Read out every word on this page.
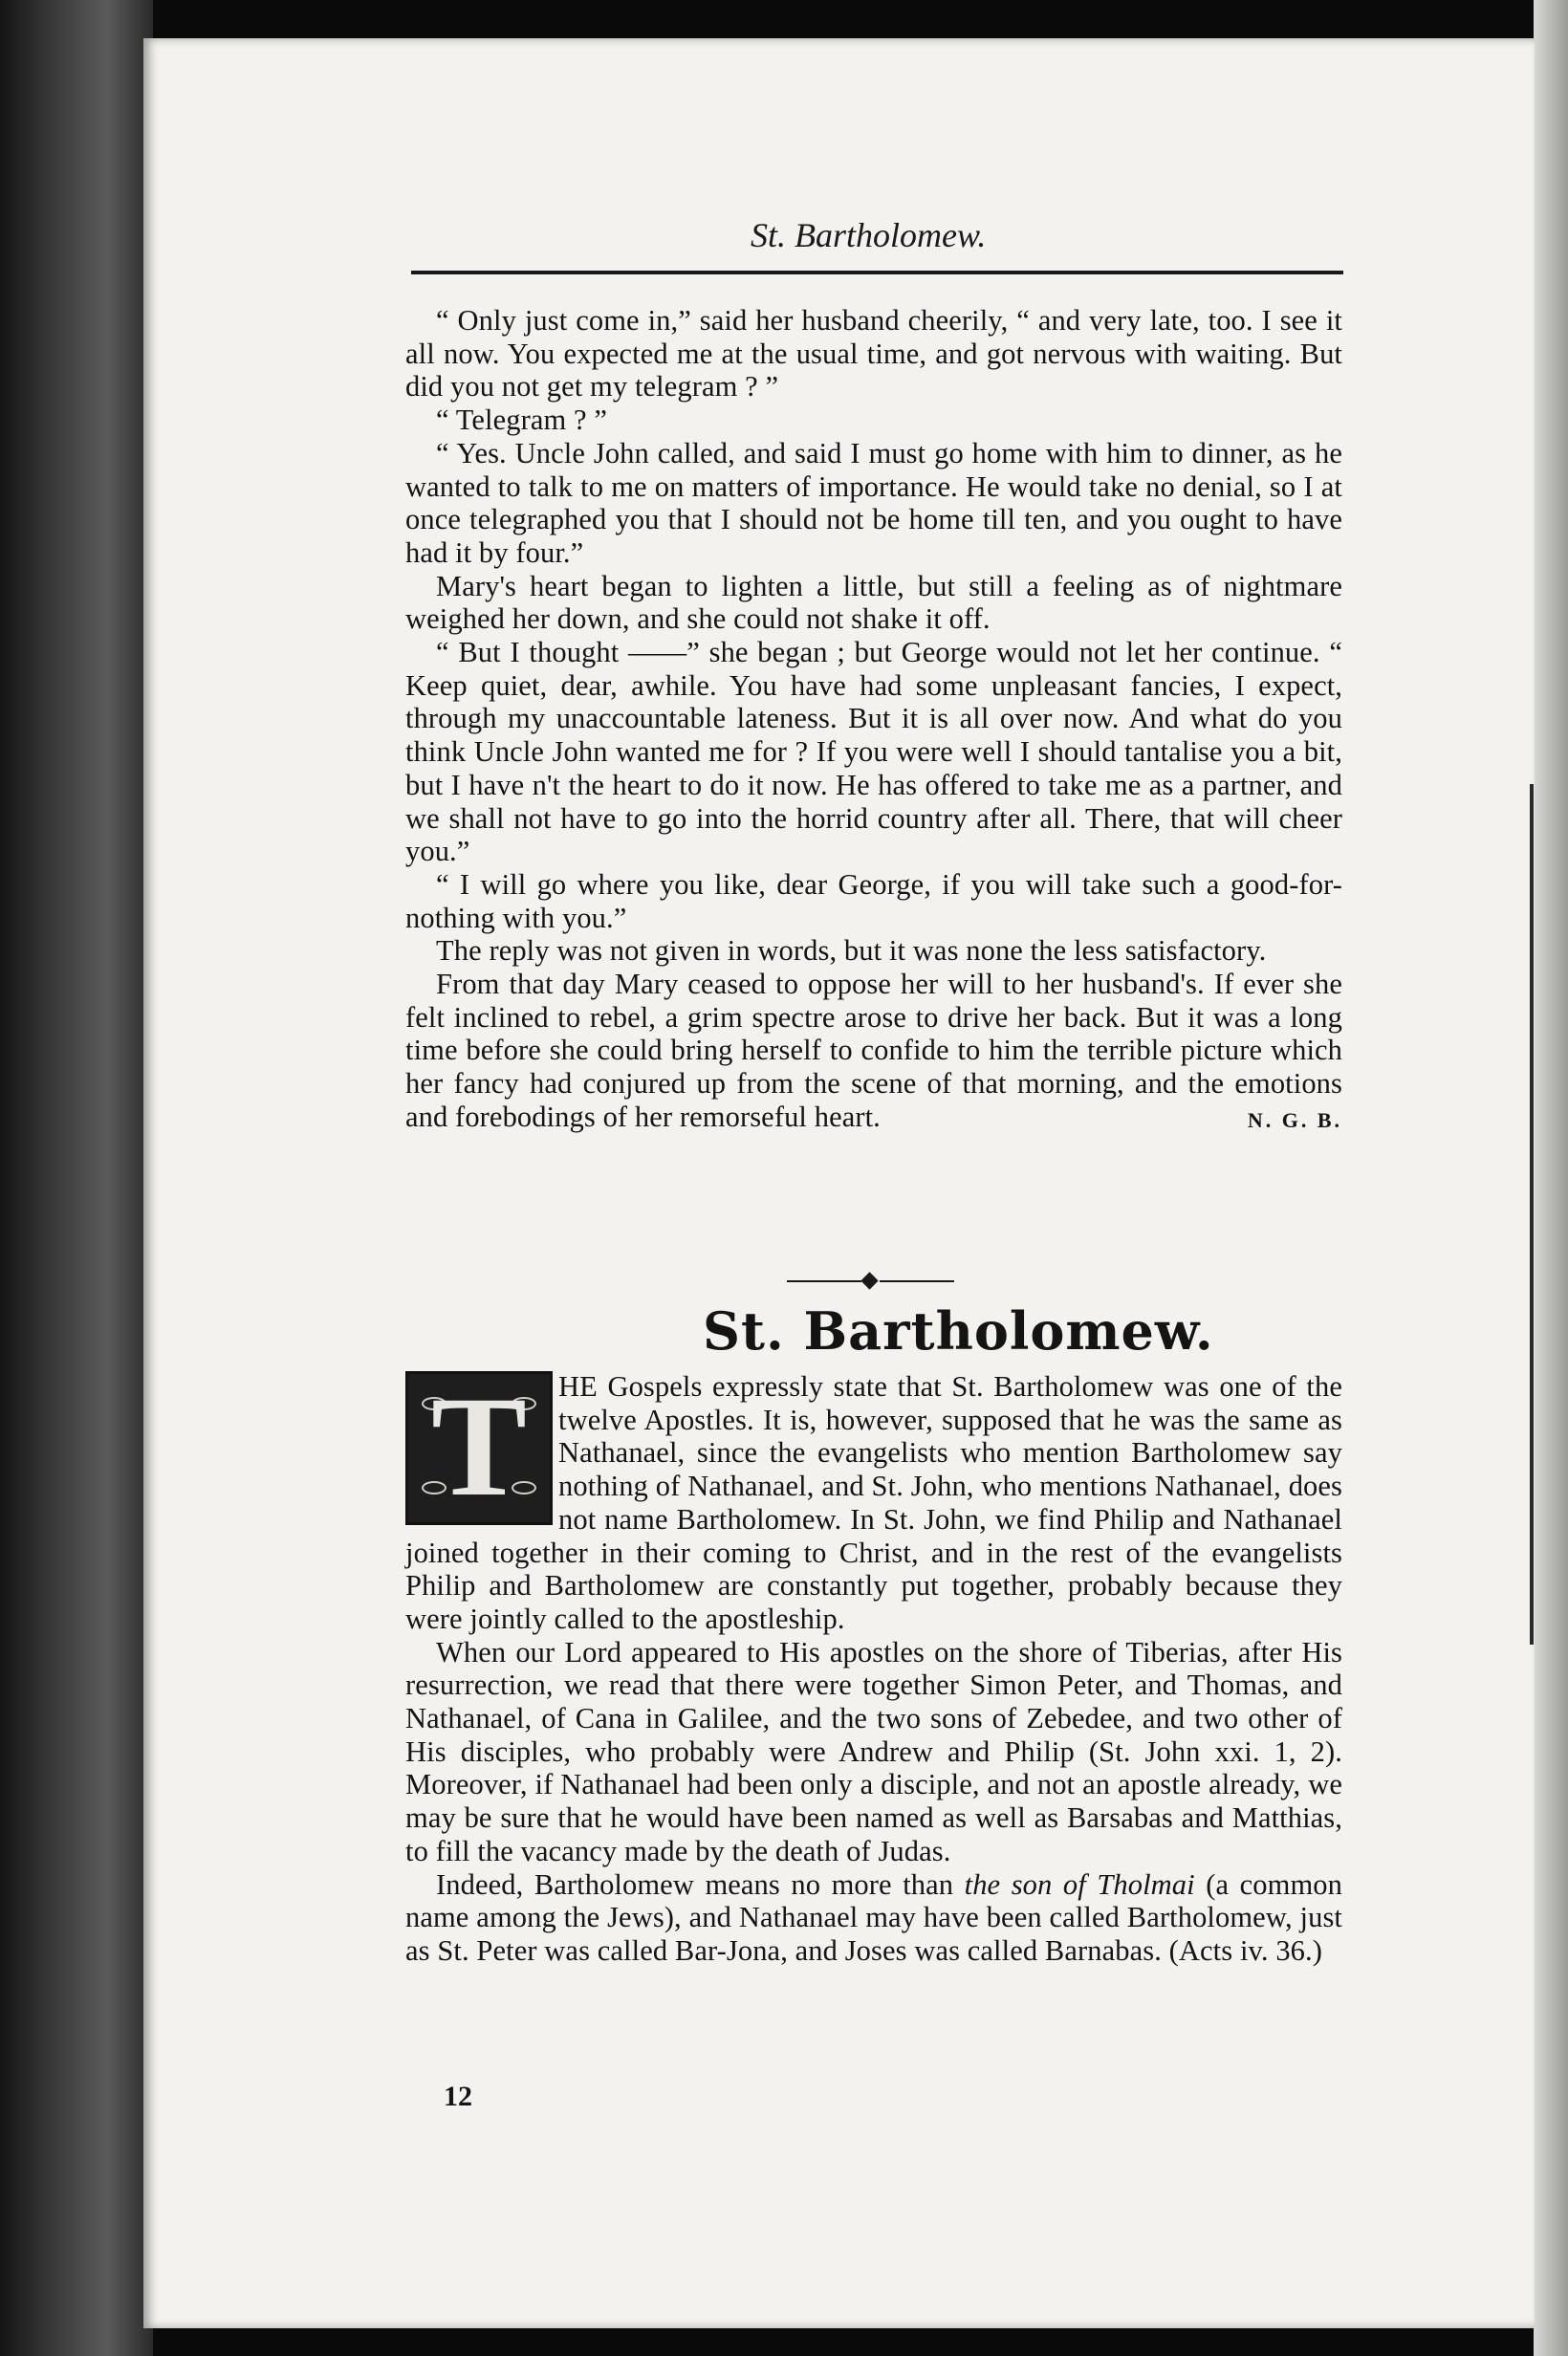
St. Bartholomew.

“ Only just come in,” said her husband cheerily, “ and very late, too. I see it all now. You expected me at the usual time, and got nervous with waiting. But did you not get my telegram ? ”

“ Telegram ? ”

“ Yes. Uncle John called, and said I must go home with him to dinner, as he wanted to talk to me on matters of importance. He would take no denial, so I at once telegraphed you that I should not be home till ten, and you ought to have had it by four.”

Mary's heart began to lighten a little, but still a feeling as of nightmare weighed her down, and she could not shake it off.

“ But I thought ——” she began ; but George would not let her continue. “ Keep quiet, dear, awhile. You have had some unpleasant fancies, I expect, through my unaccountable lateness. But it is all over now. And what do you think Uncle John wanted me for ? If you were well I should tantalise you a bit, but I have n't the heart to do it now. He has offered to take me as a partner, and we shall not have to go into the horrid country after all. There, that will cheer you.”

“ I will go where you like, dear George, if you will take such a good-for-nothing with you.”

The reply was not given in words, but it was none the less satisfactory.

From that day Mary ceased to oppose her will to her husband's. If ever she felt inclined to rebel, a grim spectre arose to drive her back. But it was a long time before she could bring herself to confide to him the terrible picture which her fancy had conjured up from the scene of that morning, and the emotions and forebodings of her remorseful heart.	N. G. B.

St. Bartholomew.
T	HE Gospels expressly state that St. Bartholomew was one of the twelve Apostles. It is, however, supposed that he was the same as Nathanael, since the evangelists who mention Bartholomew say nothing of Nathanael, and St. John, who mentions Nathanael, does not name Bartholomew. In St. John, we find Philip and Nathanael joined together in their coming to Christ, and in the rest of the evangelists Philip and Bartholomew are constantly put together, probably because they were jointly called to the apostleship.

When our Lord appeared to His apostles on the shore of Tiberias, after His resurrection, we read that there were together Simon Peter, and Thomas, and Nathanael, of Cana in Galilee, and the two sons of Zebedee, and two other of His disciples, who probably were Andrew and Philip (St. John xxi. 1, 2). Moreover, if Nathanael had been only a disciple, and not an apostle already, we may be sure that he would have been named as well as Barsabas and Matthias, to fill the vacancy made by the death of Judas.

Indeed, Bartholomew means no more than the son of Tholmai (a common name among the Jews), and Nathanael may have been called Bartholomew, just as St. Peter was called Bar-Jona, and Joses was called Barnabas. (Acts iv. 36.)

12
